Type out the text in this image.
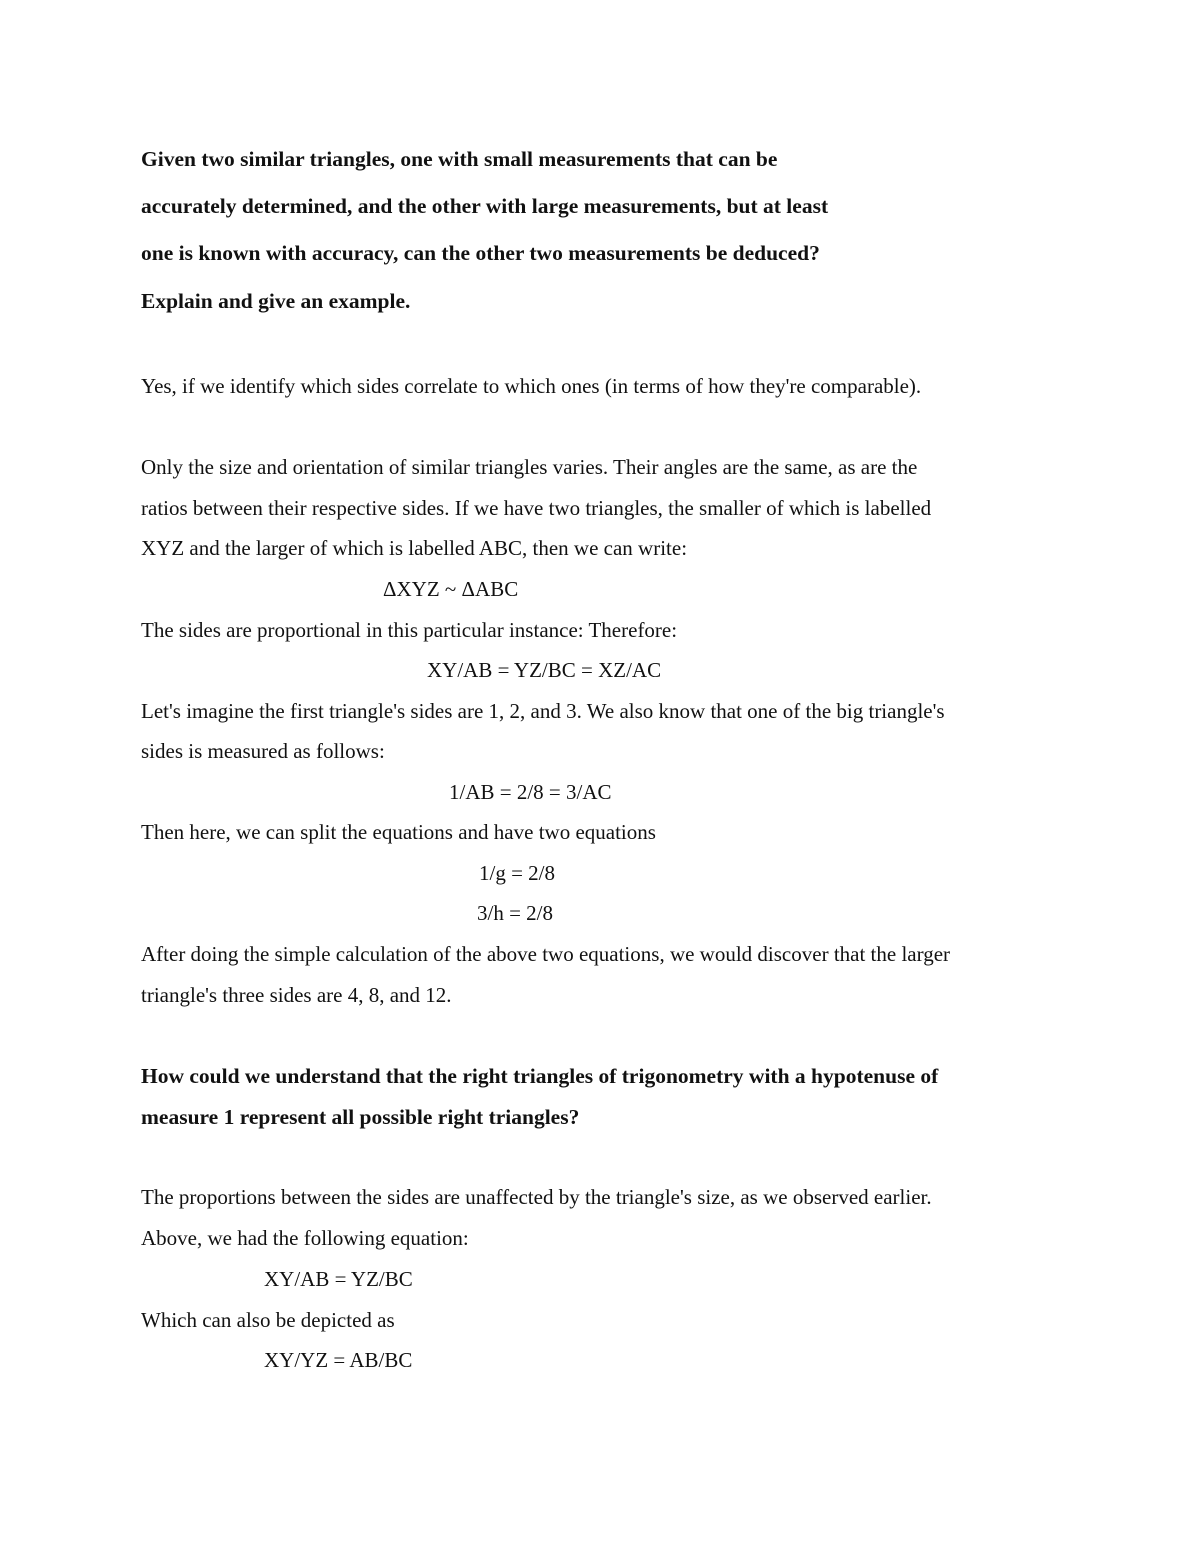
Given two similar triangles, one with small measurements that can be
accurately determined, and the other with large measurements, but at least
one is known with accuracy, can the other two measurements be deduced?
Explain and give an example.
Yes, if we identify which sides correlate to which ones (in terms of how they're comparable).
Only the size and orientation of similar triangles varies. Their angles are the same, as are the
ratios between their respective sides. If we have two triangles, the smaller of which is labelled
XYZ and the larger of which is labelled ABC, then we can write:
ΔXYZ ~ ΔABC
The sides are proportional in this particular instance: Therefore:
XY/AB = YZ/BC = XZ/AC
Let's imagine the first triangle's sides are 1, 2, and 3. We also know that one of the big triangle's
sides is measured as follows:
1/AB = 2/8 = 3/AC
Then here, we can split the equations and have two equations
1/g = 2/8
3/h = 2/8
After doing the simple calculation of the above two equations, we would discover that the larger
triangle's three sides are 4, 8, and 12.
How could we understand that the right triangles of trigonometry with a hypotenuse of
measure 1 represent all possible right triangles?
The proportions between the sides are unaffected by the triangle's size, as we observed earlier.
Above, we had the following equation:
XY/AB = YZ/BC
Which can also be depicted as
XY/YZ = AB/BC
